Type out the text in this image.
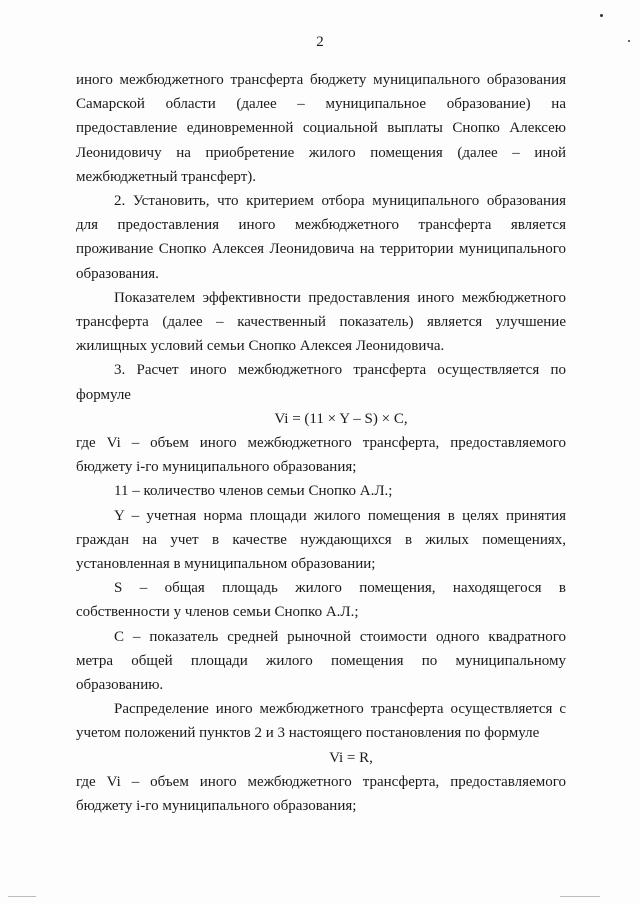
2

иного межбюджетного трансферта бюджету муниципального образования Самарской области (далее – муниципальное образование) на предоставление единовременной социальной выплаты Снопко Алексею Леонидовичу на приобретение жилого помещения (далее – иной межбюджетный трансферт).

2. Установить, что критерием отбора муниципального образования для предоставления иного межбюджетного трансферта является проживание Снопко Алексея Леонидовича на территории муниципального образования.

Показателем эффективности предоставления иного межбюджетного трансферта (далее – качественный показатель) является улучшение жилищных условий семьи Снопко Алексея Леонидовича.

3. Расчет иного межбюджетного трансферта осуществляется по формуле

Vi = (11 × Y – S) × C,

где Vi – объем иного межбюджетного трансферта, предоставляемого бюджету i-го муниципального образования;

11 – количество членов семьи Снопко А.Л.;

Y – учетная норма площади жилого помещения в целях принятия граждан на учет в качестве нуждающихся в жилых помещениях, установленная в муниципальном образовании;

S – общая площадь жилого помещения, находящегося в собственности у членов семьи Снопко А.Л.;

C – показатель средней рыночной стоимости одного квадратного метра общей площади жилого помещения по муниципальному образованию.

Распределение иного межбюджетного трансферта осуществляется с учетом положений пунктов 2 и 3 настоящего постановления по формуле

Vi = R,

где Vi – объем иного межбюджетного трансферта, предоставляемого бюджету i-го муниципального образования;
